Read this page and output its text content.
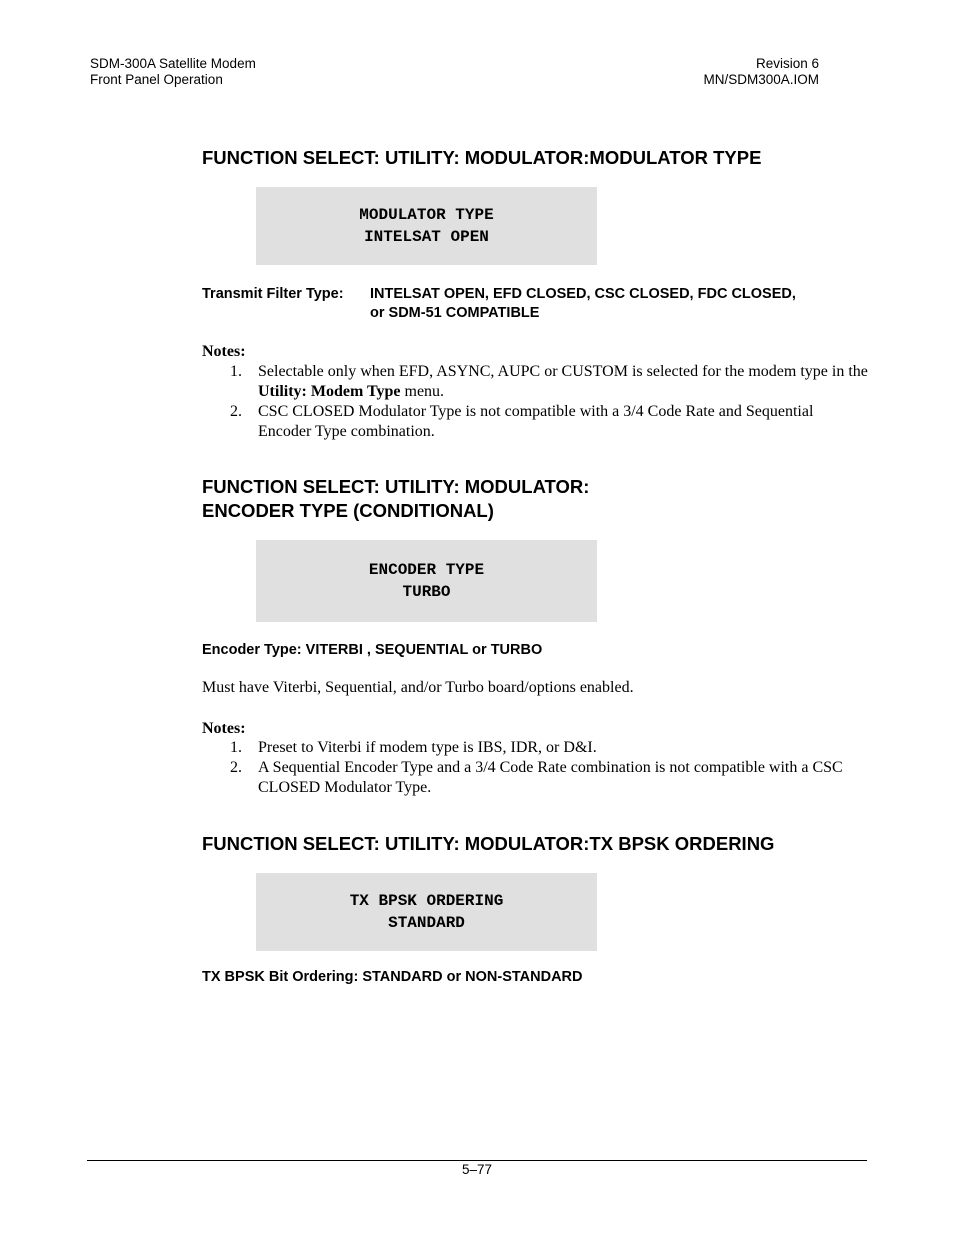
SDM-300A Satellite Modem
Front Panel Operation
Revision 6
MN/SDM300A.IOM
FUNCTION SELECT: UTILITY: MODULATOR:MODULATOR TYPE
MODULATOR TYPE
INTELSAT OPEN
Transmit Filter Type: INTELSAT OPEN, EFD CLOSED, CSC CLOSED, FDC CLOSED,
or SDM-51 COMPATIBLE
Notes:
1. Selectable only when EFD, ASYNC, AUPC or CUSTOM is selected for the modem type in the Utility: Modem Type menu.
2. CSC CLOSED Modulator Type is not compatible with a 3/4 Code Rate and Sequential Encoder Type combination.
FUNCTION SELECT: UTILITY: MODULATOR:
ENCODER TYPE (CONDITIONAL)
ENCODER TYPE
TURBO
Encoder Type: VITERBI , SEQUENTIAL or TURBO
Must have Viterbi, Sequential, and/or Turbo board/options enabled.
Notes:
1. Preset to Viterbi if modem type is IBS, IDR, or D&I.
2. A Sequential Encoder Type and a 3/4 Code Rate combination is not compatible with a CSC CLOSED Modulator Type.
FUNCTION SELECT: UTILITY: MODULATOR:TX BPSK ORDERING
TX BPSK ORDERING
STANDARD
TX BPSK Bit Ordering: STANDARD or NON-STANDARD
5–77
